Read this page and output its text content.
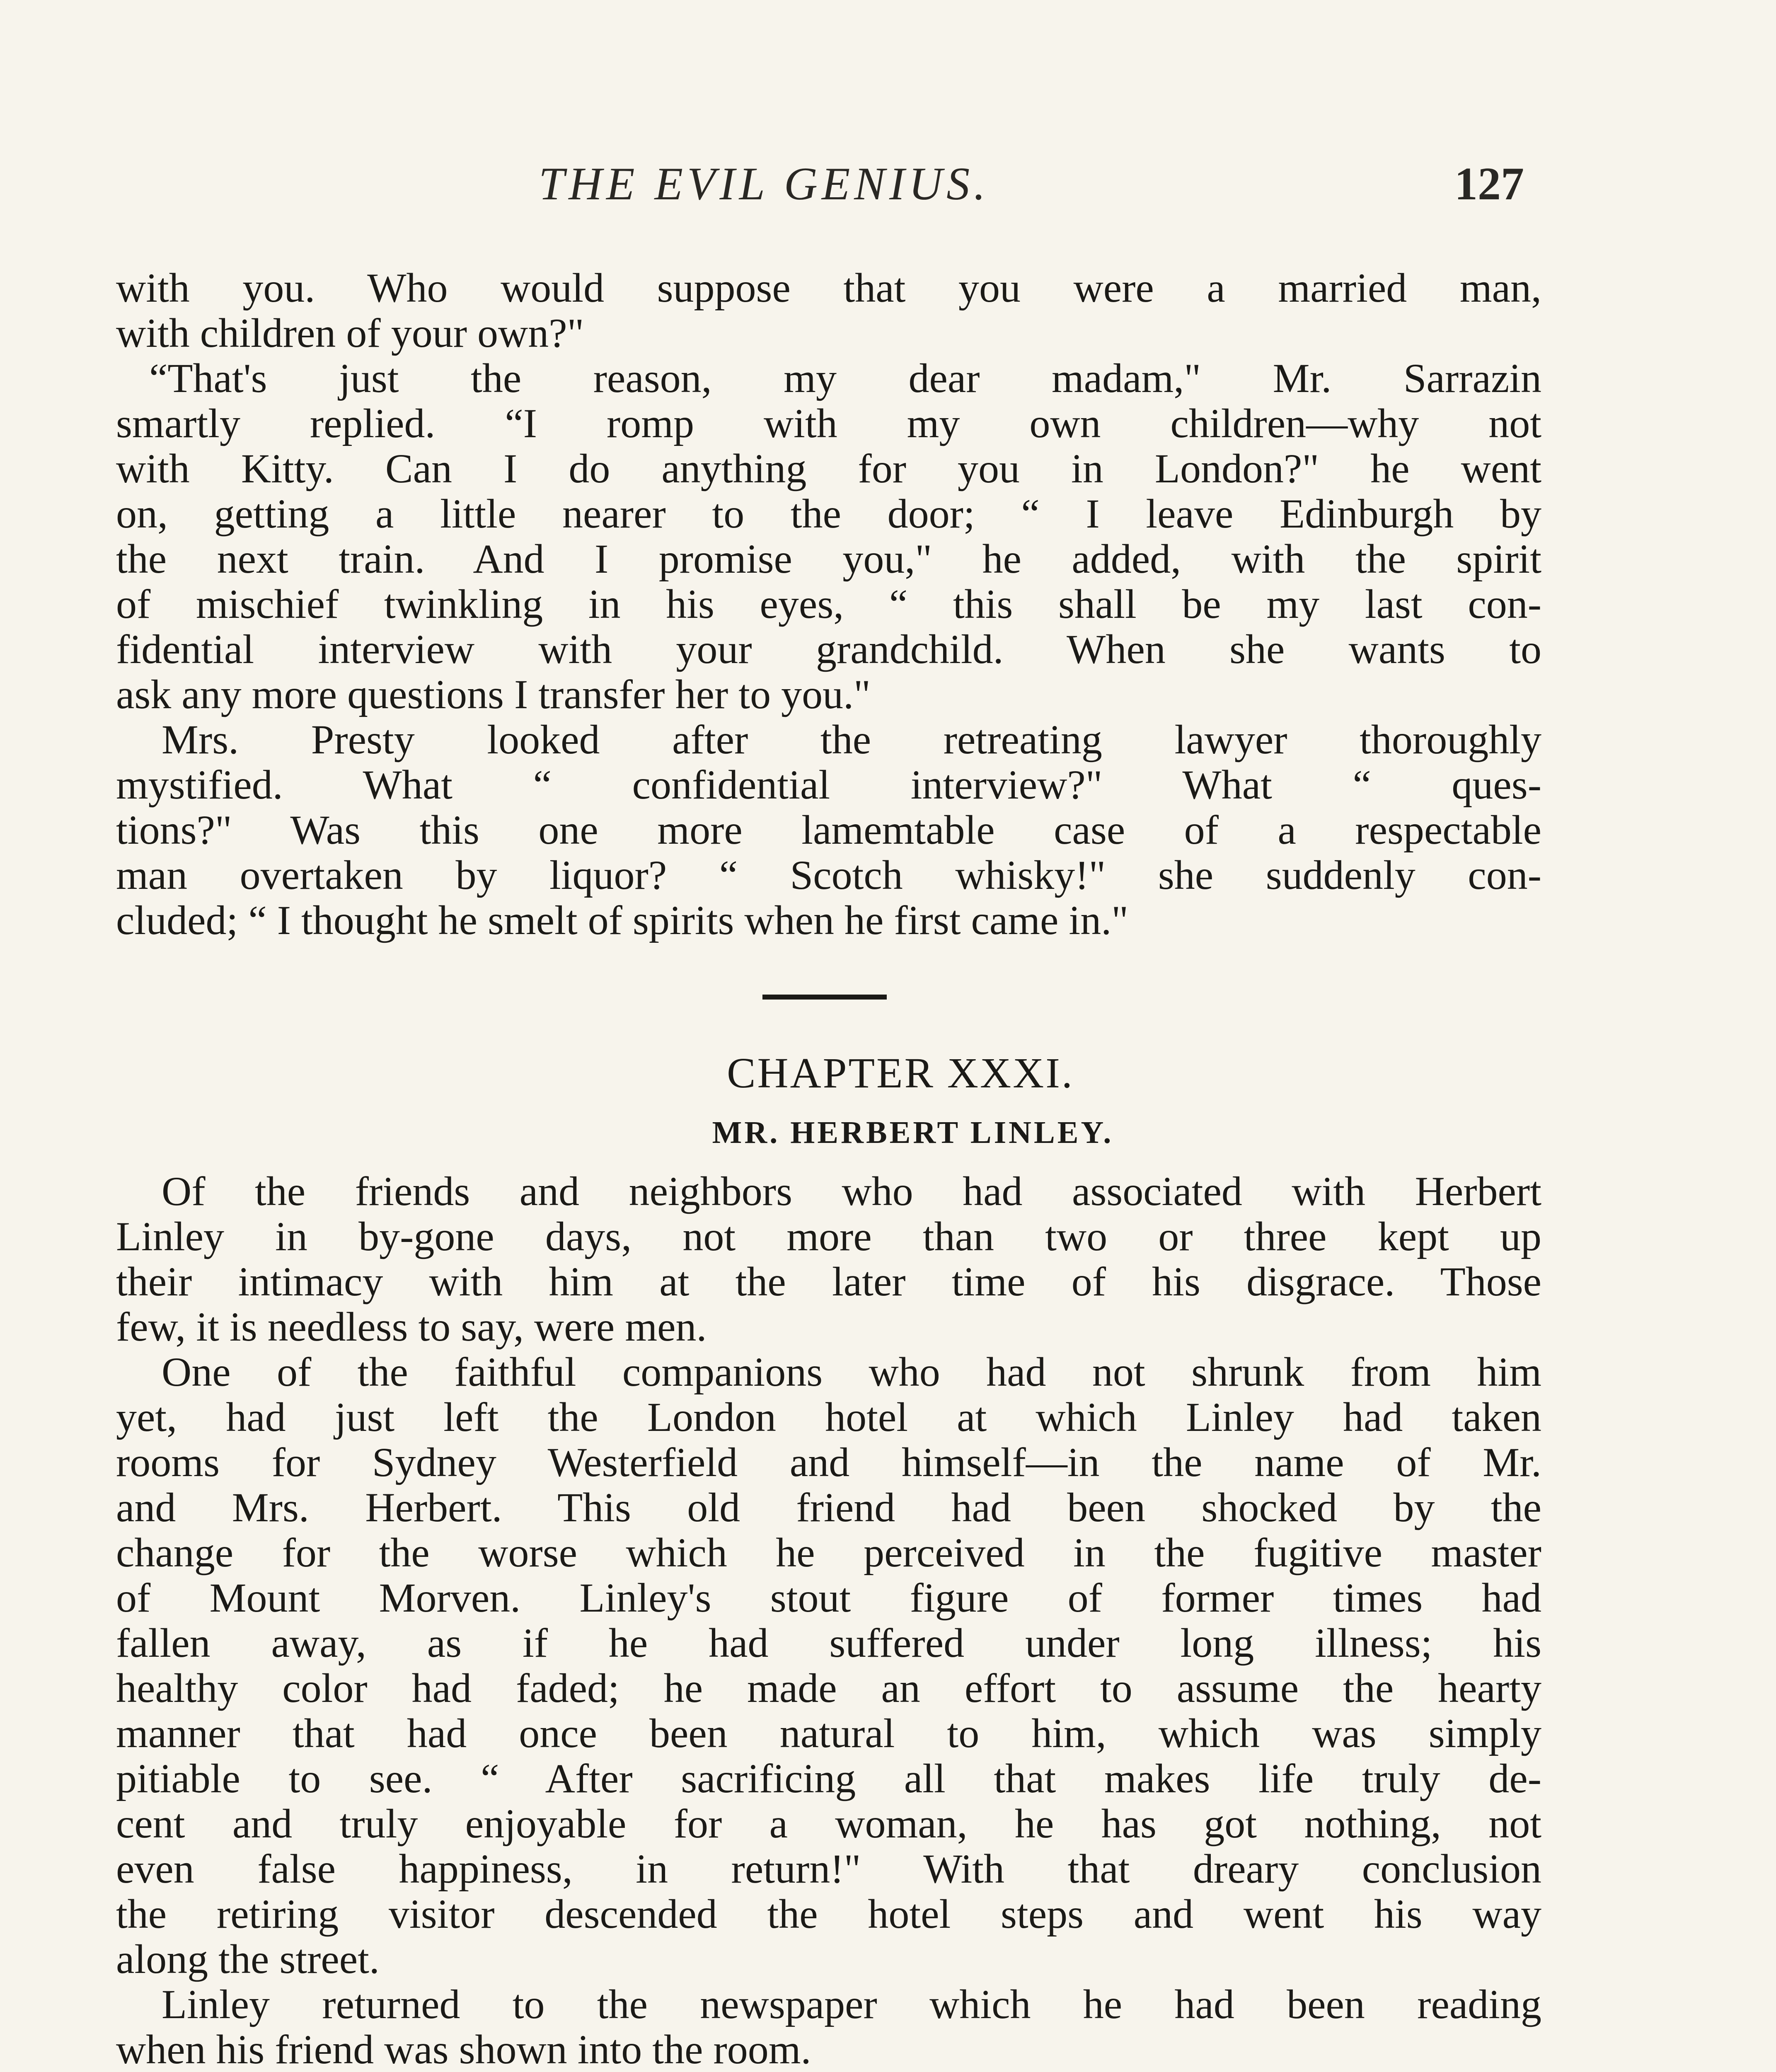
THE EVIL GENIUS.	127
with you. Who would suppose that you were a married man,
with children of your own?"
“That's just the reason, my dear madam," Mr. Sarrazin
smartly replied. “I romp with my own children—why not
with Kitty. Can I do anything for you in London?" he went
on, getting a little nearer to the door; “ I leave Edinburgh by
the next train. And I promise you," he added, with the spirit
of mischief twinkling in his eyes, “ this shall be my last con-
fidential interview with your grandchild. When she wants to
ask any more questions I transfer her to you."
Mrs. Presty looked after the retreating lawyer thoroughly
mystified. What “ confidential interview?" What “ ques-
tions?" Was this one more lamemtable case of a respectable
man overtaken by liquor? “ Scotch whisky!" she suddenly con-
cluded; “ I thought he smelt of spirits when he first came in."
CHAPTER XXXI.
MR. HERBERT LINLEY.
Of the friends and neighbors who had associated with Herbert
Linley in by-gone days, not more than two or three kept up
their intimacy with him at the later time of his disgrace. Those
few, it is needless to say, were men.
One of the faithful companions who had not shrunk from him
yet, had just left the London hotel at which Linley had taken
rooms for Sydney Westerfield and himself—in the name of Mr.
and Mrs. Herbert. This old friend had been shocked by the
change for the worse which he perceived in the fugitive master
of Mount Morven. Linley's stout figure of former times had
fallen away, as if he had suffered under long illness; his
healthy color had faded; he made an effort to assume the hearty
manner that had once been natural to him, which was simply
pitiable to see. “ After sacrificing all that makes life truly de-
cent and truly enjoyable for a woman, he has got nothing, not
even false happiness, in return!" With that dreary conclusion
the retiring visitor descended the hotel steps and went his way
along the street.
Linley returned to the newspaper which he had been reading
when his friend was shown into the room.
